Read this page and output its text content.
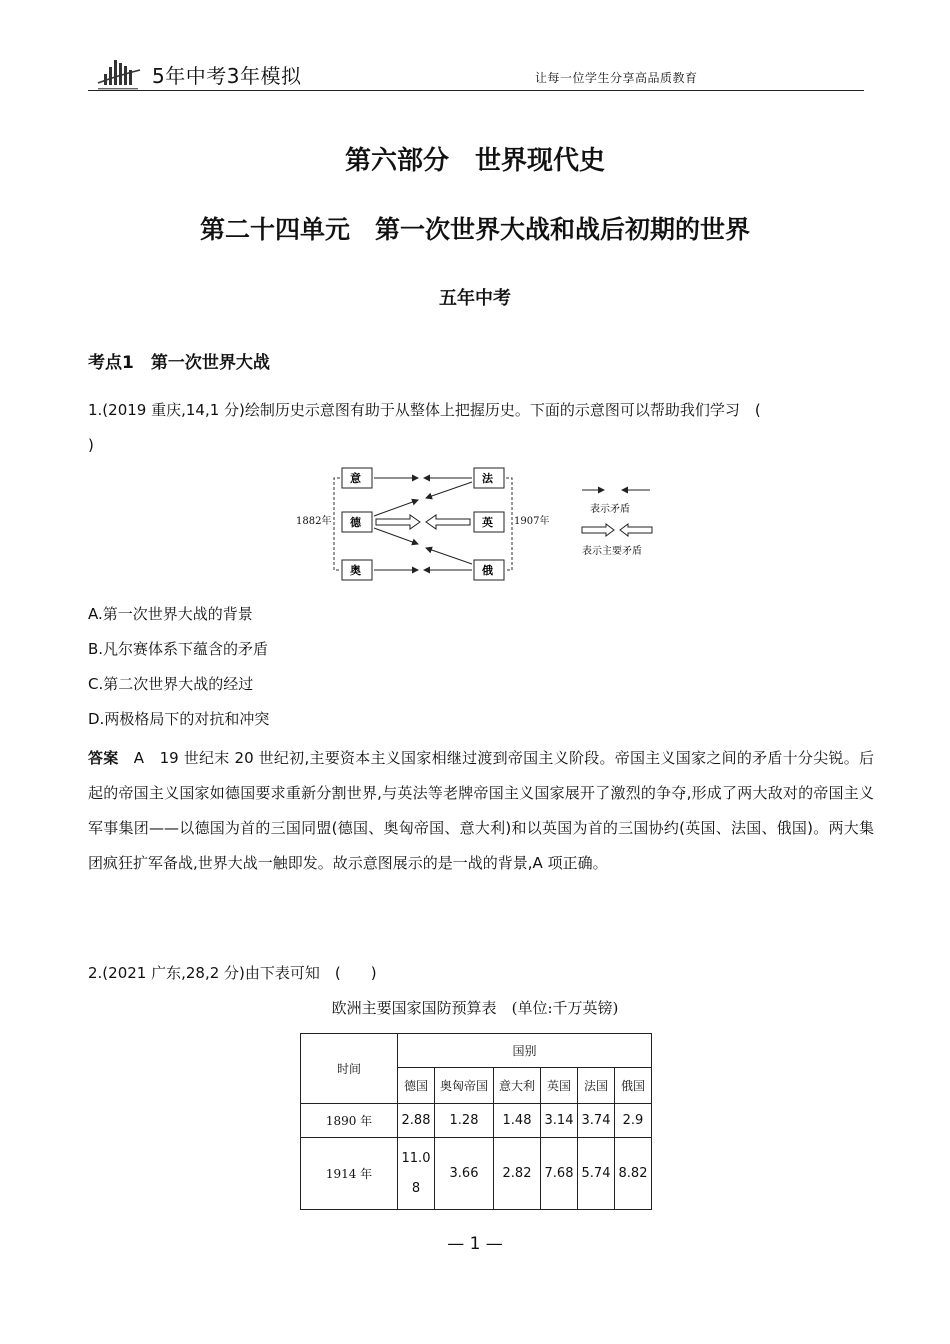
5年中考3年模拟	让每一位学生分享高品质教育
第六部分　世界现代史
第二十四单元　第一次世界大战和战后初期的世界
五年中考
考点1　第一次世界大战
1.(2019 重庆,14,1 分)绘制历史示意图有助于从整体上把握历史。下面的示意图可以帮助我们学习　(
)
1882年	1907年
意
德
奥
法
英
俄
表示矛盾
表示主要矛盾
A.第一次世界大战的背景
B.凡尔赛体系下蕴含的矛盾
C.第二次世界大战的经过
D.两极格局下的对抗和冲突
答案　 A　19 世纪末 20 世纪初,主要资本主义国家相继过渡到帝国主义阶段。帝国主义国家之间的矛盾十分尖锐。后起的帝国主义国家如德国要求重新分割世界,与英法等老牌帝国主义国家展开了激烈的争夺,形成了两大敌对的帝国主义军事集团——以德国为首的三国同盟(德国、奥匈帝国、意大利)和以英国为首的三国协约(英国、法国、俄国)。两大集团疯狂扩军备战,世界大战一触即发。故示意图展示的是一战的背景,A 项正确。
2.(2021 广东,28,2 分)由下表可知　(　　)
欧洲主要国家国防预算表　(单位:千万英镑)
时间	国别					
	德国	奥匈帝国	意大利	英国	法国	俄国
1890 年	2.88	1.28	1.48	3.14	3.74	2.9
1914 年	11.08	3.66	2.82	7.68	5.74	8.82
— 1 —
